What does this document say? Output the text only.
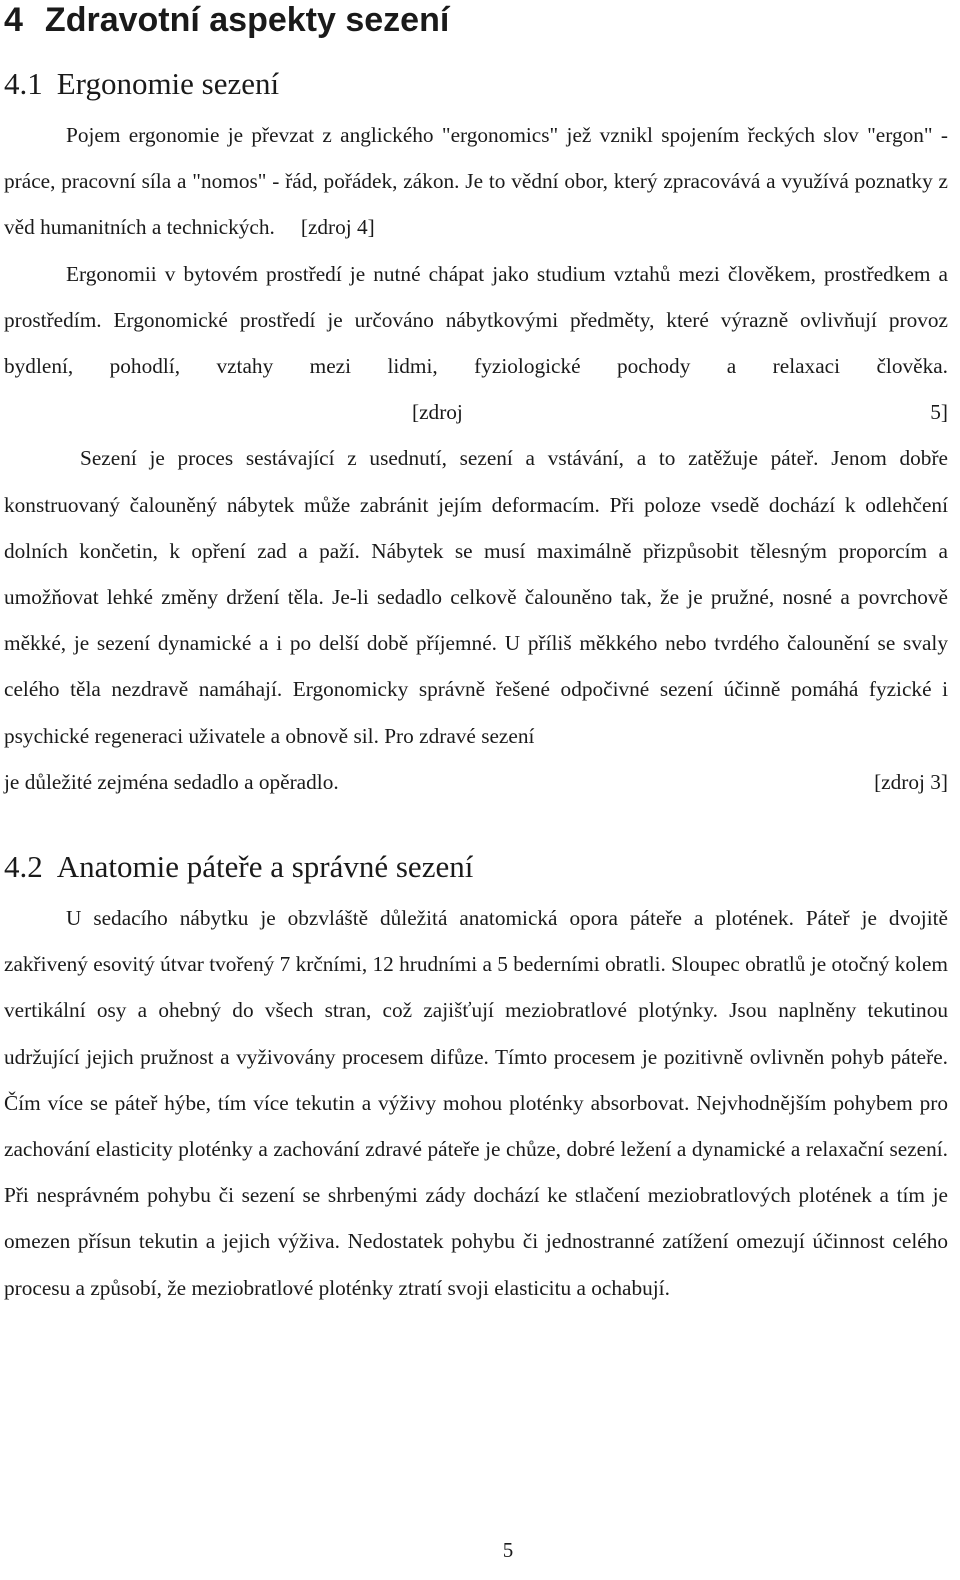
4 Zdravotní aspekty sezení
4.1 Ergonomie sezení

Pojem ergonomie je převzat z anglického "ergonomics" jež vznikl spojením řeckých slov "ergon" - práce, pracovní síla a "nomos" - řád, pořádek, zákon. Je to vědní obor, který zpracovává a využívá poznatky z věd humanitních a technických. [zdroj 4]

Ergonomii v bytovém prostředí je nutné chápat jako studium vztahů mezi člověkem, prostředkem a prostředím. Ergonomické prostředí je určováno nábytkovými předměty, které výrazně ovlivňují provoz bydlení, pohodlí, vztahy mezi lidmi, fyziologické pochody a relaxaci člověka.[zdroj 5]

Sezení je proces sestávající z usednutí, sezení a vstávání, a to zatěžuje páteř. Jenom dobře konstruovaný čalouněný nábytek může zabránit jejím deformacím. Při poloze vsedě dochází k odlehčení dolních končetin, k opření zad a paží. Nábytek se musí maximálně přizpůsobit tělesným proporcím a umožňovat lehké změny držení těla. Je-li sedadlo celkově čalouněno tak, že je pružné, nosné a povrchově měkké, je sezení dynamické a i po delší době příjemné. U příliš měkkého nebo tvrdého čalounění se svaly celého těla nezdravě namáhají. Ergonomicky správně řešené odpočivné sezení účinně pomáhá fyzické i psychické regeneraci uživatele a obnově sil. Pro zdravé sezení

je důležité zejména sedadlo a opěradlo.	[zdroj 3]
4.2 Anatomie páteře a správné sezení

U sedacího nábytku je obzvláště důležitá anatomická opora páteře a plotének. Páteř je dvojitě zakřivený esovitý útvar tvořený 7 krčními, 12 hrudními a 5 bederními obratli. Sloupec obratlů je otočný kolem vertikální osy a ohebný do všech stran, což zajišťují meziobratlové plotýnky. Jsou naplněny tekutinou udržující jejich pružnost a vyživovány procesem difůze. Tímto procesem je pozitivně ovlivněn pohyb páteře. Čím více se páteř hýbe, tím více tekutin a výživy mohou ploténky absorbovat. Nejvhodnějším pohybem pro zachování elasticity ploténky a zachování zdravé páteře je chůze, dobré ležení a dynamické a relaxační sezení. Při nesprávném pohybu či sezení se shrbenými zády dochází ke stlačení meziobratlových plotének a tím je omezen přísun tekutin a jejich výživa. Nedostatek pohybu či jednostranné zatížení omezují účinnost celého procesu a způsobí, že meziobratlové ploténky ztratí svoji elasticitu a ochabují.

5
